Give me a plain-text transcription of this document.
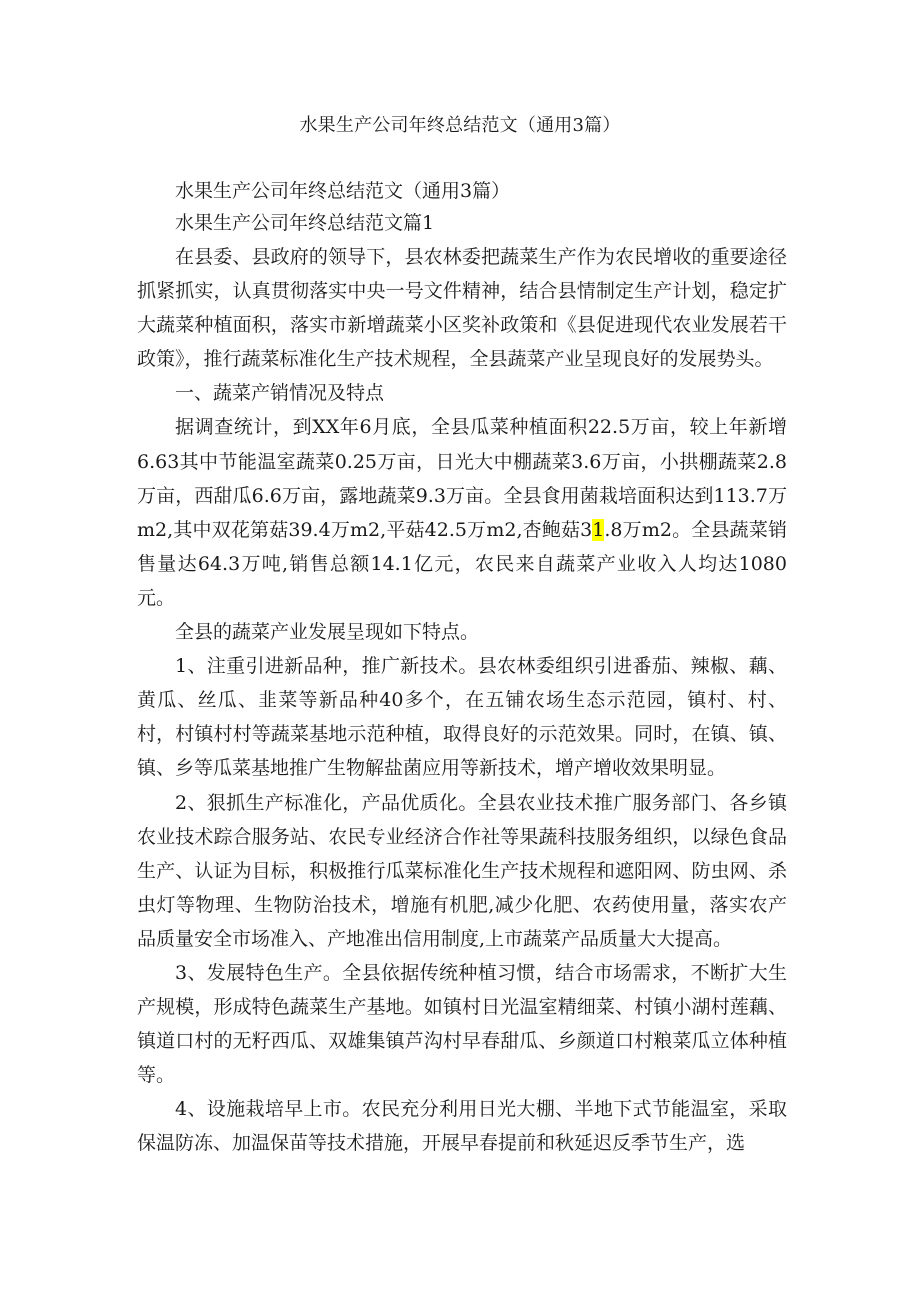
水果生产公司年终总结范文（通用3篇）

水果生产公司年终总结范文（通用3篇）

水果生产公司年终总结范文篇1

在县委、县政府的领导下，县农林委把蔬菜生产作为农民增收的重要途径抓紧抓实，认真贯彻落实中央一号文件精神，结合县情制定生产计划，稳定扩大蔬菜种植面积，落实市新增蔬菜小区奖补政策和《县促进现代农业发展若干政策》，推行蔬菜标准化生产技术规程，全县蔬菜产业呈现良好的发展势头。

一、蔬菜产销情况及特点

据调查统计，到XX年6月底，全县瓜菜种植面积22.5万亩，较上年新增6.63其中节能温室蔬菜0.25万亩，日光大中棚蔬菜3.6万亩，小拱棚蔬菜2.8万亩，西甜瓜6.6万亩，露地蔬菜9.3万亩。全县食用菌栽培面积达到113.7万m2,其中双花第菇39.4万m2,平菇42.5万m2,杏鲍菇31.8万m2。全县蔬菜销售量达64.3万吨,销售总额14.1亿元，农民来自蔬菜产业收入人均达1080元。

全县的蔬菜产业发展呈现如下特点。

1、注重引进新品种，推广新技术。县农林委组织引进番茄、辣椒、藕、黄瓜、丝瓜、韭菜等新品种40多个，在五铺农场生态示范园，镇村、村、村，村镇村村等蔬菜基地示范种植，取得良好的示范效果。同时，在镇、镇、镇、乡等瓜菜基地推广生物解盐菌应用等新技术，增产增收效果明显。

2、狠抓生产标准化，产品优质化。全县农业技术推广服务部门、各乡镇农业技术踪合服务站、农民专业经济合作社等果蔬科技服务组织，以绿色食品生产、认证为目标，积极推行瓜菜标准化生产技术规程和遮阳网、防虫网、杀虫灯等物理、生物防治技术，增施有机肥,减少化肥、农药使用量，落实农产品质量安全市场准入、产地准出信用制度,上市蔬菜产品质量大大提高。

3、发展特色生产。全县依据传统种植习惯，结合市场需求，不断扩大生产规模，形成特色蔬菜生产基地。如镇村日光温室精细菜、村镇小湖村莲藕、镇道口村的无籽西瓜、双雄集镇芦沟村早春甜瓜、乡颜道口村粮菜瓜立体种植等。

4、设施栽培早上市。农民充分利用日光大棚、半地下式节能温室，采取保温防冻、加温保苗等技术措施，开展早春提前和秋延迟反季节生产，选
